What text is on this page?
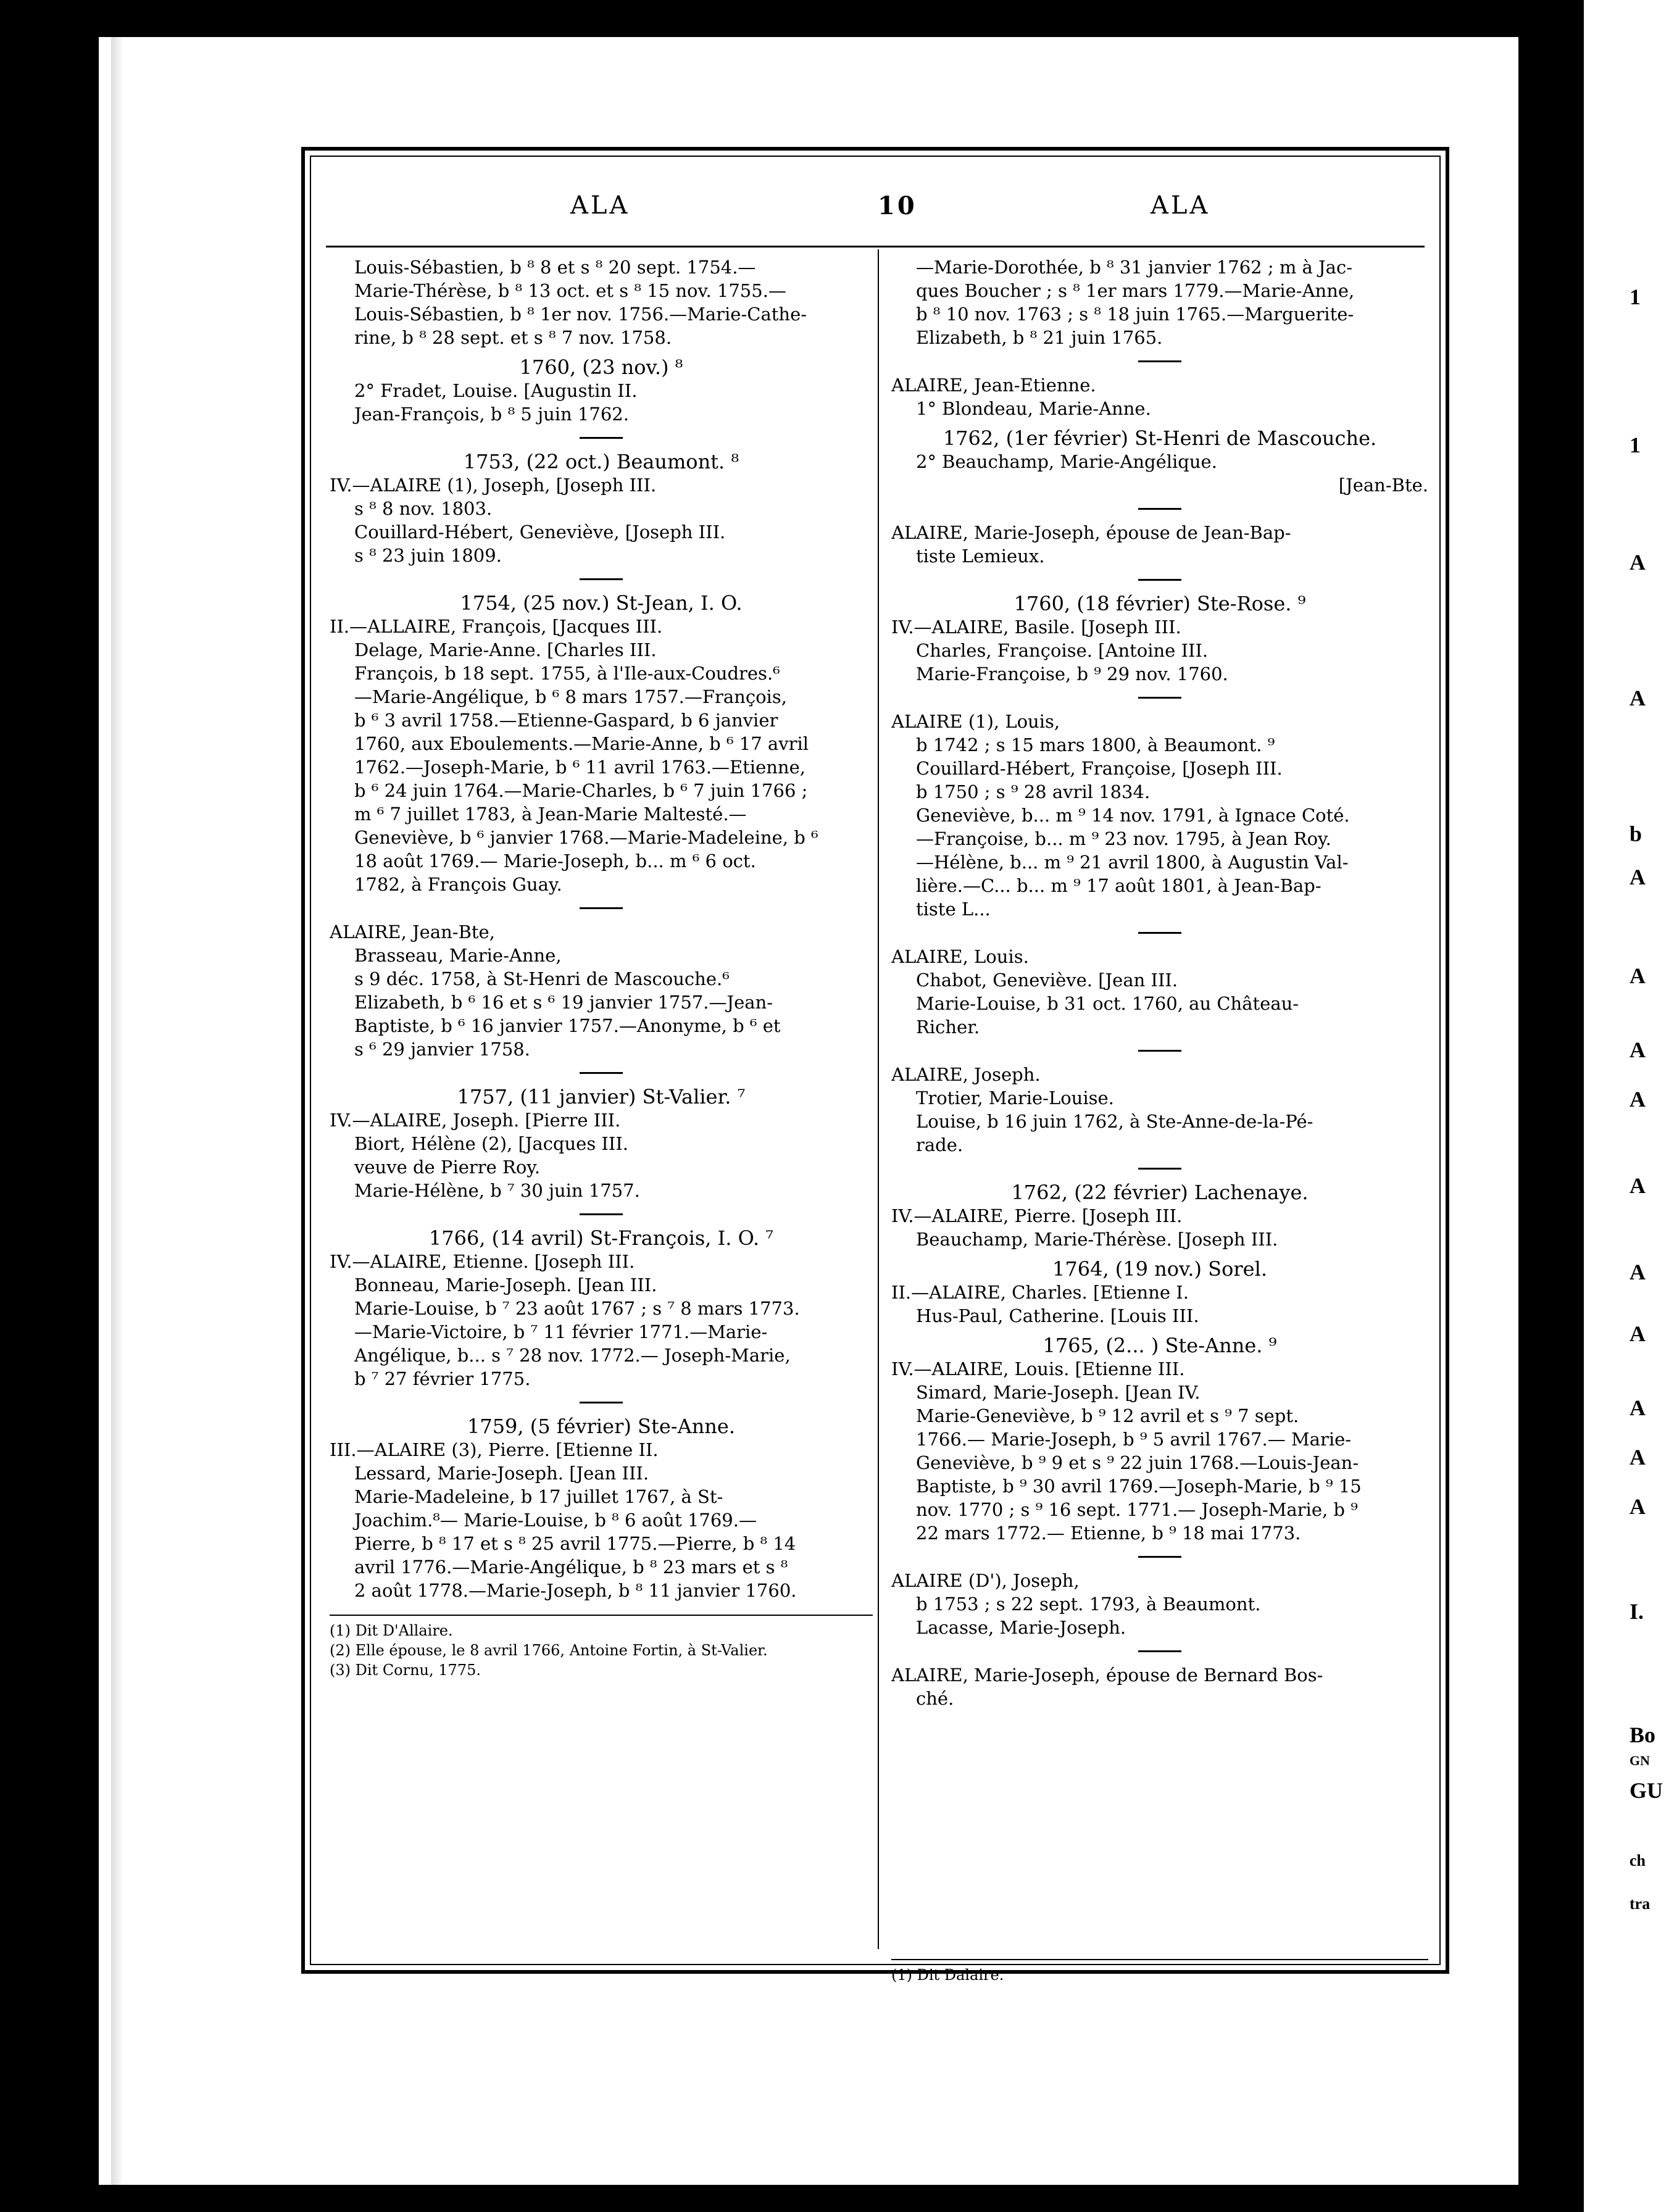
1
1
A
A
b
A
A
A
A
A
A
A
A
A
A
I.
Bo
GN
GU
ch
tra
ALA	10	ALA
Louis-Sébastien, b ⁸ 8 et s ⁸ 20 sept. 1754.—
Marie-Thérèse, b ⁸ 13 oct. et s ⁸ 15 nov. 1755.—
Louis-Sébastien, b ⁸ 1er nov. 1756.—Marie-Cathe-
rine, b ⁸ 28 sept. et s ⁸ 7 nov. 1758.
1760, (23 nov.) ⁸
2° Fradet, Louise. [Augustin II.
Jean-François, b ⁸ 5 juin 1762.
1753, (22 oct.) Beaumont. ⁸
IV.—ALAIRE (1), Joseph, [Joseph III.
s ⁸ 8 nov. 1803.
Couillard-Hébert, Geneviève, [Joseph III.
s ⁸ 23 juin 1809.
1754, (25 nov.) St-Jean, I. O.
II.—ALLAIRE, François, [Jacques III.
Delage, Marie-Anne. [Charles III.
François, b 18 sept. 1755, à l'Ile-aux-Coudres.⁶
—Marie-Angélique, b ⁶ 8 mars 1757.—François,
b ⁶ 3 avril 1758.—Etienne-Gaspard, b 6 janvier
1760, aux Eboulements.—Marie-Anne, b ⁶ 17 avril
1762.—Joseph-Marie, b ⁶ 11 avril 1763.—Etienne,
b ⁶ 24 juin 1764.—Marie-Charles, b ⁶ 7 juin 1766 ;
m ⁶ 7 juillet 1783, à Jean-Marie Maltesté.—
Geneviève, b ⁶ janvier 1768.—Marie-Madeleine, b ⁶
18 août 1769.— Marie-Joseph, b... m ⁶ 6 oct.
1782, à François Guay.
ALAIRE, Jean-Bte,
Brasseau, Marie-Anne,
s 9 déc. 1758, à St-Henri de Mascouche.⁶
Elizabeth, b ⁶ 16 et s ⁶ 19 janvier 1757.—Jean-
Baptiste, b ⁶ 16 janvier 1757.—Anonyme, b ⁶ et
s ⁶ 29 janvier 1758.
1757, (11 janvier) St-Valier. ⁷
IV.—ALAIRE, Joseph. [Pierre III.
Biort, Hélène (2), [Jacques III.
veuve de Pierre Roy.
Marie-Hélène, b ⁷ 30 juin 1757.
1766, (14 avril) St-François, I. O. ⁷
IV.—ALAIRE, Etienne. [Joseph III.
Bonneau, Marie-Joseph. [Jean III.
Marie-Louise, b ⁷ 23 août 1767 ; s ⁷ 8 mars 1773.
—Marie-Victoire, b ⁷ 11 février 1771.—Marie-
Angélique, b... s ⁷ 28 nov. 1772.— Joseph-Marie,
b ⁷ 27 février 1775.
1759, (5 février) Ste-Anne.
III.—ALAIRE (3), Pierre. [Etienne II.
Lessard, Marie-Joseph. [Jean III.
Marie-Madeleine, b 17 juillet 1767, à St-
Joachim.⁸— Marie-Louise, b ⁸ 6 août 1769.—
Pierre, b ⁸ 17 et s ⁸ 25 avril 1775.—Pierre, b ⁸ 14
avril 1776.—Marie-Angélique, b ⁸ 23 mars et s ⁸
2 août 1778.—Marie-Joseph, b ⁸ 11 janvier 1760.
(1) Dit D'Allaire.
(2) Elle épouse, le 8 avril 1766, Antoine Fortin, à St-Valier.
(3) Dit Cornu, 1775.
—Marie-Dorothée, b ⁸ 31 janvier 1762 ; m à Jac-
ques Boucher ; s ⁸ 1er mars 1779.—Marie-Anne,
b ⁸ 10 nov. 1763 ; s ⁸ 18 juin 1765.—Marguerite-
Elizabeth, b ⁸ 21 juin 1765.
ALAIRE, Jean-Etienne.
1° Blondeau, Marie-Anne.
1762, (1er février) St-Henri de Mascouche.
2° Beauchamp, Marie-Angélique.
[Jean-Bte.
ALAIRE, Marie-Joseph, épouse de Jean-Bap-
tiste Lemieux.
1760, (18 février) Ste-Rose. ⁹
IV.—ALAIRE, Basile. [Joseph III.
Charles, Françoise. [Antoine III.
Marie-Françoise, b ⁹ 29 nov. 1760.
ALAIRE (1), Louis,
b 1742 ; s 15 mars 1800, à Beaumont. ⁹
Couillard-Hébert, Françoise, [Joseph III.
b 1750 ; s ⁹ 28 avril 1834.
Geneviève, b... m ⁹ 14 nov. 1791, à Ignace Coté.
—Françoise, b... m ⁹ 23 nov. 1795, à Jean Roy.
—Hélène, b... m ⁹ 21 avril 1800, à Augustin Val-
lière.—C... b... m ⁹ 17 août 1801, à Jean-Bap-
tiste L...
ALAIRE, Louis.
Chabot, Geneviève. [Jean III.
Marie-Louise, b 31 oct. 1760, au Château-
Richer.
ALAIRE, Joseph.
Trotier, Marie-Louise.
Louise, b 16 juin 1762, à Ste-Anne-de-la-Pé-
rade.
1762, (22 février) Lachenaye.
IV.—ALAIRE, Pierre. [Joseph III.
Beauchamp, Marie-Thérèse. [Joseph III.
1764, (19 nov.) Sorel.
II.—ALAIRE, Charles. [Etienne I.
Hus-Paul, Catherine. [Louis III.
1765, (2... ) Ste-Anne. ⁹
IV.—ALAIRE, Louis. [Etienne III.
Simard, Marie-Joseph. [Jean IV.
Marie-Geneviève, b ⁹ 12 avril et s ⁹ 7 sept.
1766.— Marie-Joseph, b ⁹ 5 avril 1767.— Marie-
Geneviève, b ⁹ 9 et s ⁹ 22 juin 1768.—Louis-Jean-
Baptiste, b ⁹ 30 avril 1769.—Joseph-Marie, b ⁹ 15
nov. 1770 ; s ⁹ 16 sept. 1771.— Joseph-Marie, b ⁹
22 mars 1772.— Etienne, b ⁹ 18 mai 1773.
ALAIRE (D'), Joseph,
b 1753 ; s 22 sept. 1793, à Beaumont.
Lacasse, Marie-Joseph.
ALAIRE, Marie-Joseph, épouse de Bernard Bos-
ché.
(1) Dit Dalaire.
